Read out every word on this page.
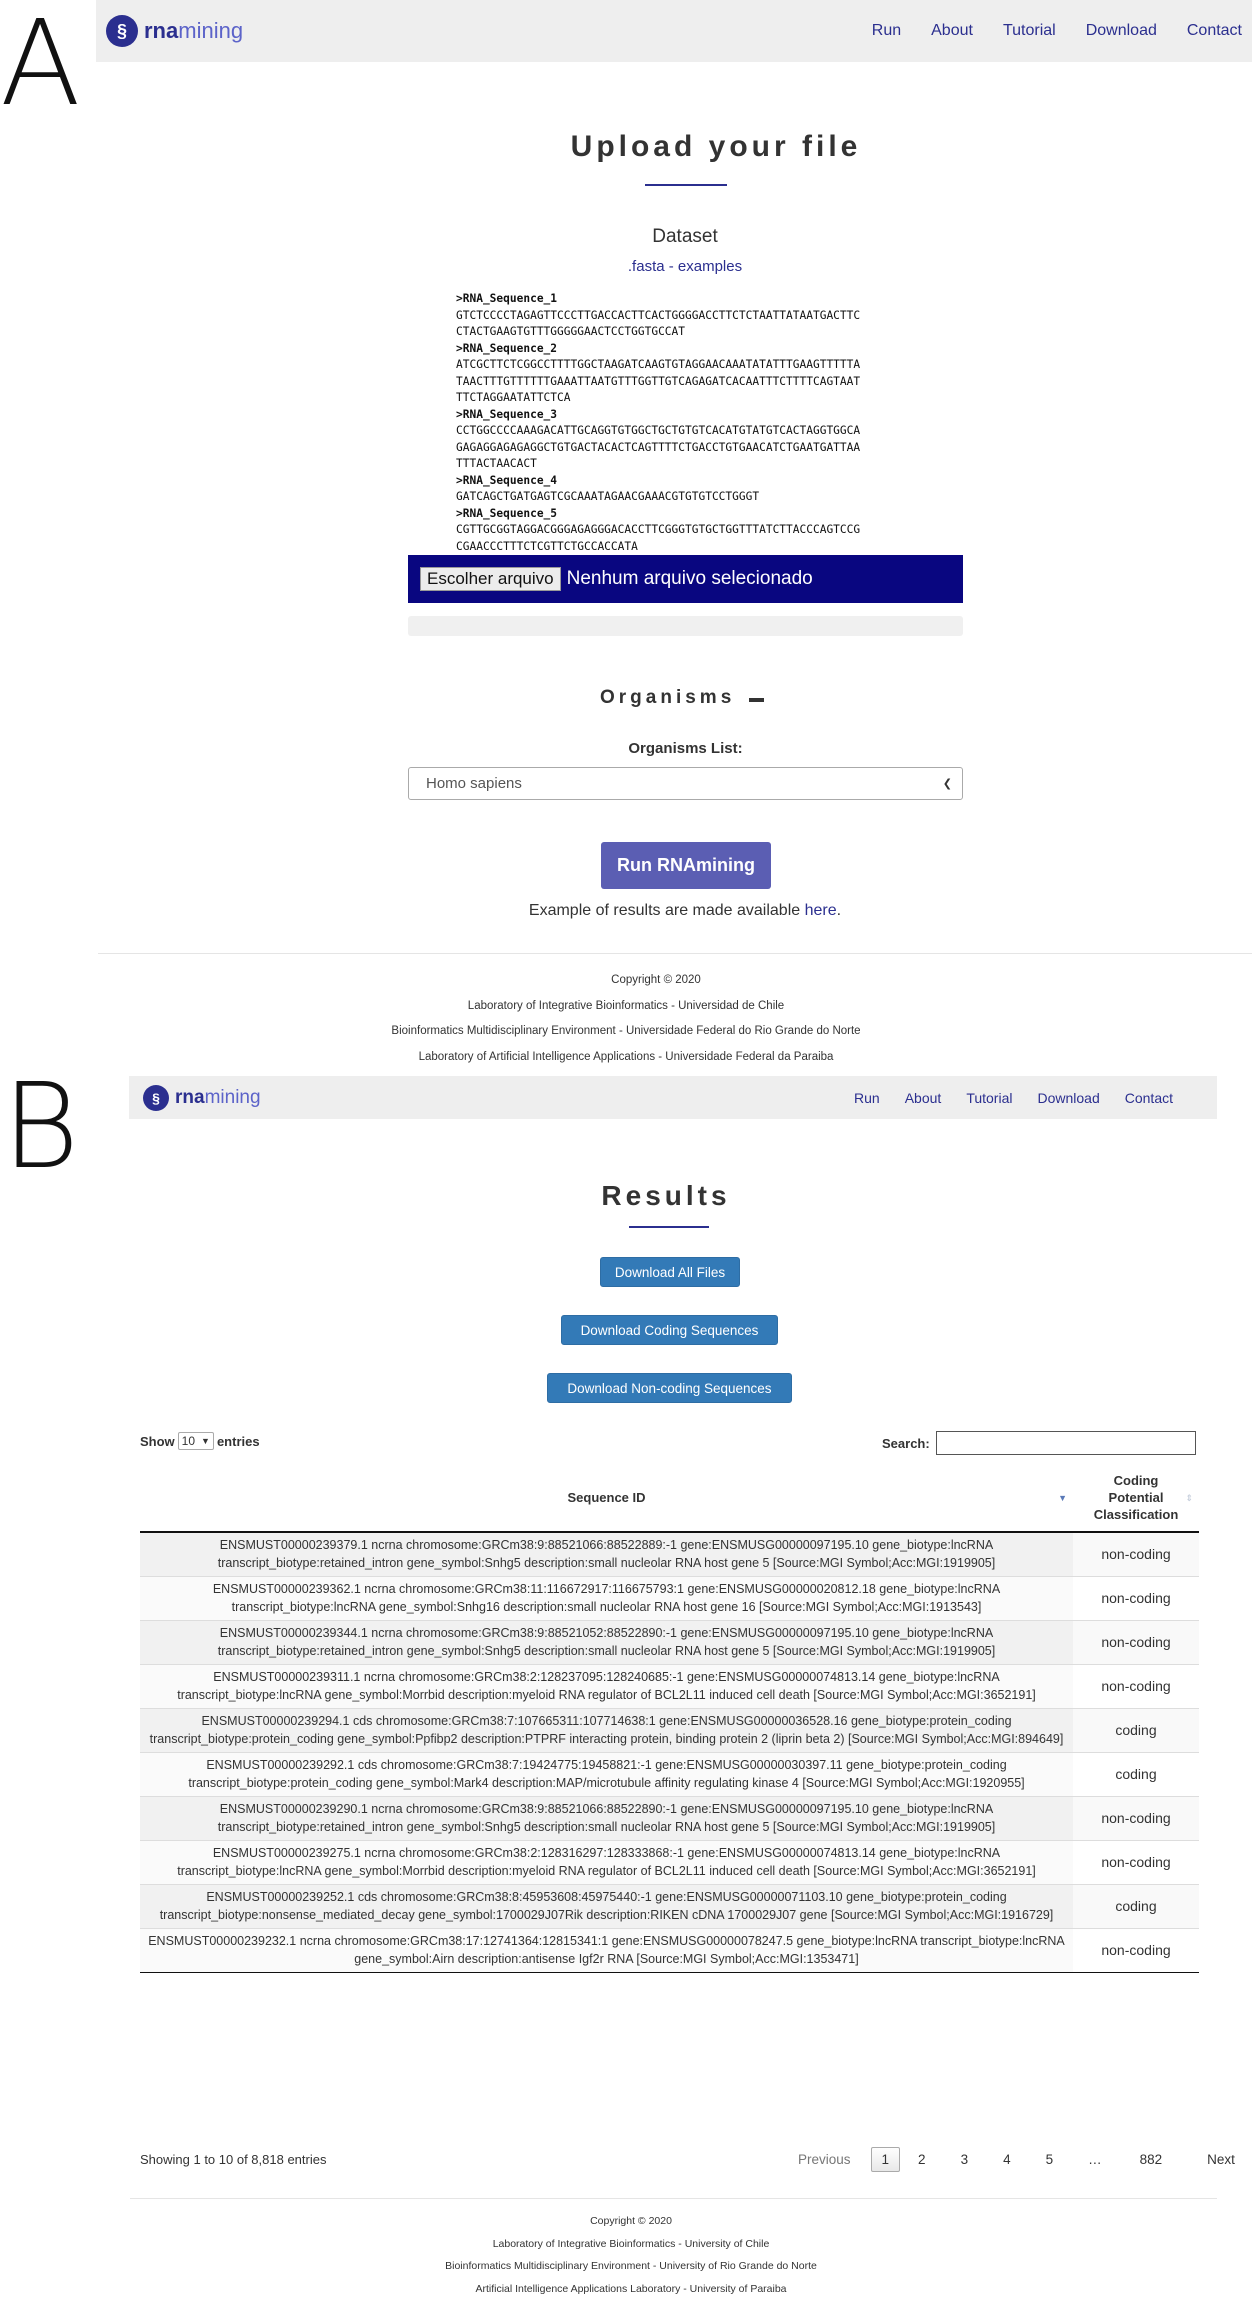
A
B
§ rnamining	Run About Tutorial Download Contact
Upload your file
Dataset
.fasta - examples
>RNA_Sequence_1
GTCTCCCCTAGAGTTCCCTTGACCACTTCACTGGGGACCTTCTCTAATTATAATGACTTC
CTACTGAAGTGTTTGGGGGAACTCCTGGTGCCAT
>RNA_Sequence_2
ATCGCTTCTCGGCCTTTTGGCTAAGATCAAGTGTAGGAACAAATATATTTGAAGTTTTTA
TAACTTTGTTTTTTGAAATTAATGTTTGGTTGTCAGAGATCACAATTTCTTTTCAGTAAT
TTCTAGGAATATTCTCA
>RNA_Sequence_3
CCTGGCCCCAAAGACATTGCAGGTGTGGCTGCTGTGTCACATGTATGTCACTAGGTGGCA
GAGAGGAGAGAGGCTGTGACTACACTCAGTTTTCTGACCTGTGAACATCTGAATGATTAA
TTTACTAACACT
>RNA_Sequence_4
GATCAGCTGATGAGTCGCAAATAGAACGAAACGTGTGTCCTGGGT
>RNA_Sequence_5
CGTTGCGGTAGGACGGGAGAGGGACACCTTCGGGTGTGCTGGTTTATCTTACCCAGTCCG
CGAACCCTTTCTCGTTCTGCCACCATA
Escolher arquivo Nenhum arquivo selecionado
Organisms
Organisms List:
Homo sapiens	❮
Run RNAmining
Example of results are made available here.
Copyright © 2020
Laboratory of Integrative Bioinformatics - Universidad de Chile
Bioinformatics Multidisciplinary Environment - Universidade Federal do Rio Grande do Norte
Laboratory of Artificial Intelligence Applications - Universidade Federal da Paraiba
§ rnamining	Run About Tutorial Download Contact
Results
Download All Files
Download Coding Sequences
Download Non-coding Sequences
Show 10 ▼ entries	Search:
Sequence ID ▼	Coding Potential Classification
⇕

ENSMUST00000239379.1 ncrna chromosome:GRCm38:9:88521066:88522889:-1 gene:ENSMUSG00000097195.10 gene_biotype:lncRNA transcript_biotype:retained_intron gene_symbol:Snhg5 description:small nucleolar RNA host gene 5 [Source:MGI Symbol;Acc:MGI:1919905]	non-coding
ENSMUST00000239362.1 ncrna chromosome:GRCm38:11:116672917:116675793:1 gene:ENSMUSG00000020812.18 gene_biotype:lncRNA transcript_biotype:lncRNA gene_symbol:Snhg16 description:small nucleolar RNA host gene 16 [Source:MGI Symbol;Acc:MGI:1913543]	non-coding
ENSMUST00000239344.1 ncrna chromosome:GRCm38:9:88521052:88522890:-1 gene:ENSMUSG00000097195.10 gene_biotype:lncRNA transcript_biotype:retained_intron gene_symbol:Snhg5 description:small nucleolar RNA host gene 5 [Source:MGI Symbol;Acc:MGI:1919905]	non-coding
ENSMUST00000239311.1 ncrna chromosome:GRCm38:2:128237095:128240685:-1 gene:ENSMUSG00000074813.14 gene_biotype:lncRNA transcript_biotype:lncRNA gene_symbol:Morrbid description:myeloid RNA regulator of BCL2L11 induced cell death [Source:MGI Symbol;Acc:MGI:3652191]	non-coding
ENSMUST00000239294.1 cds chromosome:GRCm38:7:107665311:107714638:1 gene:ENSMUSG00000036528.16 gene_biotype:protein_coding transcript_biotype:protein_coding gene_symbol:Ppfibp2 description:PTPRF interacting protein, binding protein 2 (liprin beta 2) [Source:MGI Symbol;Acc:MGI:894649]	coding
ENSMUST00000239292.1 cds chromosome:GRCm38:7:19424775:19458821:-1 gene:ENSMUSG00000030397.11 gene_biotype:protein_coding transcript_biotype:protein_coding gene_symbol:Mark4 description:MAP/microtubule affinity regulating kinase 4 [Source:MGI Symbol;Acc:MGI:1920955]	coding
ENSMUST00000239290.1 ncrna chromosome:GRCm38:9:88521066:88522890:-1 gene:ENSMUSG00000097195.10 gene_biotype:lncRNA transcript_biotype:retained_intron gene_symbol:Snhg5 description:small nucleolar RNA host gene 5 [Source:MGI Symbol;Acc:MGI:1919905]	non-coding
ENSMUST00000239275.1 ncrna chromosome:GRCm38:2:128316297:128333868:-1 gene:ENSMUSG00000074813.14 gene_biotype:lncRNA transcript_biotype:lncRNA gene_symbol:Morrbid description:myeloid RNA regulator of BCL2L11 induced cell death [Source:MGI Symbol;Acc:MGI:3652191]	non-coding
ENSMUST00000239252.1 cds chromosome:GRCm38:8:45953608:45975440:-1 gene:ENSMUSG00000071103.10 gene_biotype:protein_coding transcript_biotype:nonsense_mediated_decay gene_symbol:1700029J07Rik description:RIKEN cDNA 1700029J07 gene [Source:MGI Symbol;Acc:MGI:1916729]	coding
ENSMUST00000239232.1 ncrna chromosome:GRCm38:17:12741364:12815341:1 gene:ENSMUSG00000078247.5 gene_biotype:lncRNA transcript_biotype:lncRNA gene_symbol:Airn description:antisense Igf2r RNA [Source:MGI Symbol;Acc:MGI:1353471]	non-coding
Showing 1 to 10 of 8,818 entries	Previous	1	2	3	4	5	…	882	Next
Copyright © 2020
Laboratory of Integrative Bioinformatics - University of Chile
Bioinformatics Multidisciplinary Environment - University of Rio Grande do Norte
Artificial Intelligence Applications Laboratory - University of Paraiba
